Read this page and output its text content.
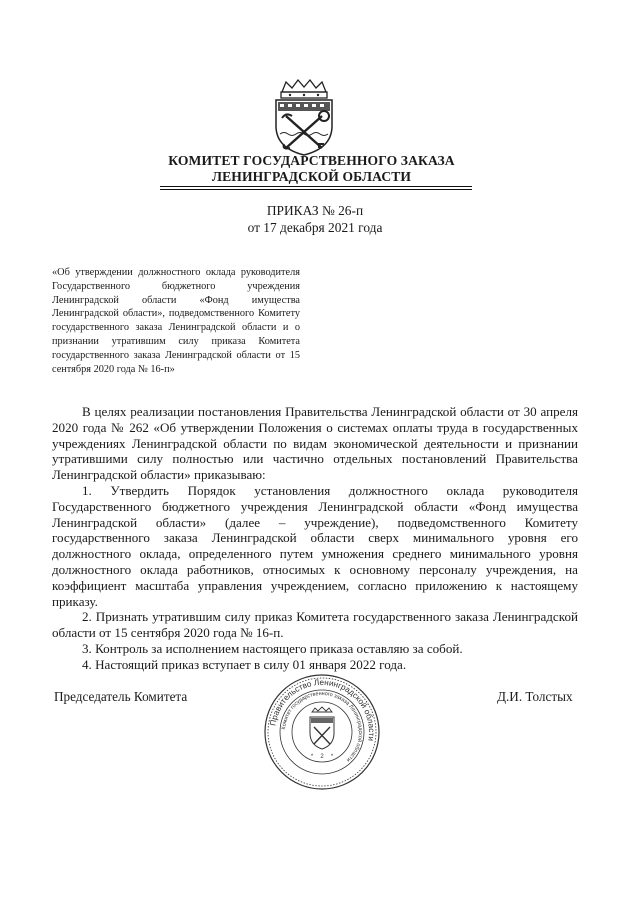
КОМИТЕТ ГОСУДАРСТВЕННОГО ЗАКАЗА
ЛЕНИНГРАДСКОЙ ОБЛАСТИ
ПРИКАЗ № 26-п
от 17 декабря 2021 года
«Об утверждении должностного оклада руководителя Государственного бюджетного учреждения Ленинградской области «Фонд имущества Ленинградской области», подведомственного Комитету государственного заказа Ленинградской области и о признании утратившим силу приказа Комитета государственного заказа Ленинградской области от 15 сентября 2020 года № 16-п»

В целях реализации постановления Правительства Ленинградской области от 30 апреля 2020 года № 262 «Об утверждении Положения о системах оплаты труда в государственных учреждениях Ленинградской области по видам экономической деятельности и признании утратившими силу полностью или частично отдельных постановлений Правительства Ленинградской области» приказываю:

1. Утвердить Порядок установления должностного оклада руководителя Государственного бюджетного учреждения Ленинградской области «Фонд имущества Ленинградской области» (далее – учреждение), подведомственного Комитету государственного заказа Ленинградской области сверх минимального уровня его должностного оклада, определенного путем умножения среднего минимального уровня должностного оклада работников, относимых к основному персоналу учреждения, на коэффициент масштаба управления учреждением, согласно приложению к настоящему приказу.

2. Признать утратившим силу приказ Комитета государственного заказа Ленинградской области от 15 сентября 2020 года № 16-п.

3. Контроль за исполнением настоящего приказа оставляю за собой.

4. Настоящий приказ вступает в силу 01 января 2022 года.

Председатель Комитета	Д.И. Толстых
Правительство Ленинградской области
Комитет государственного заказа Ленинградской области
2
*	*
